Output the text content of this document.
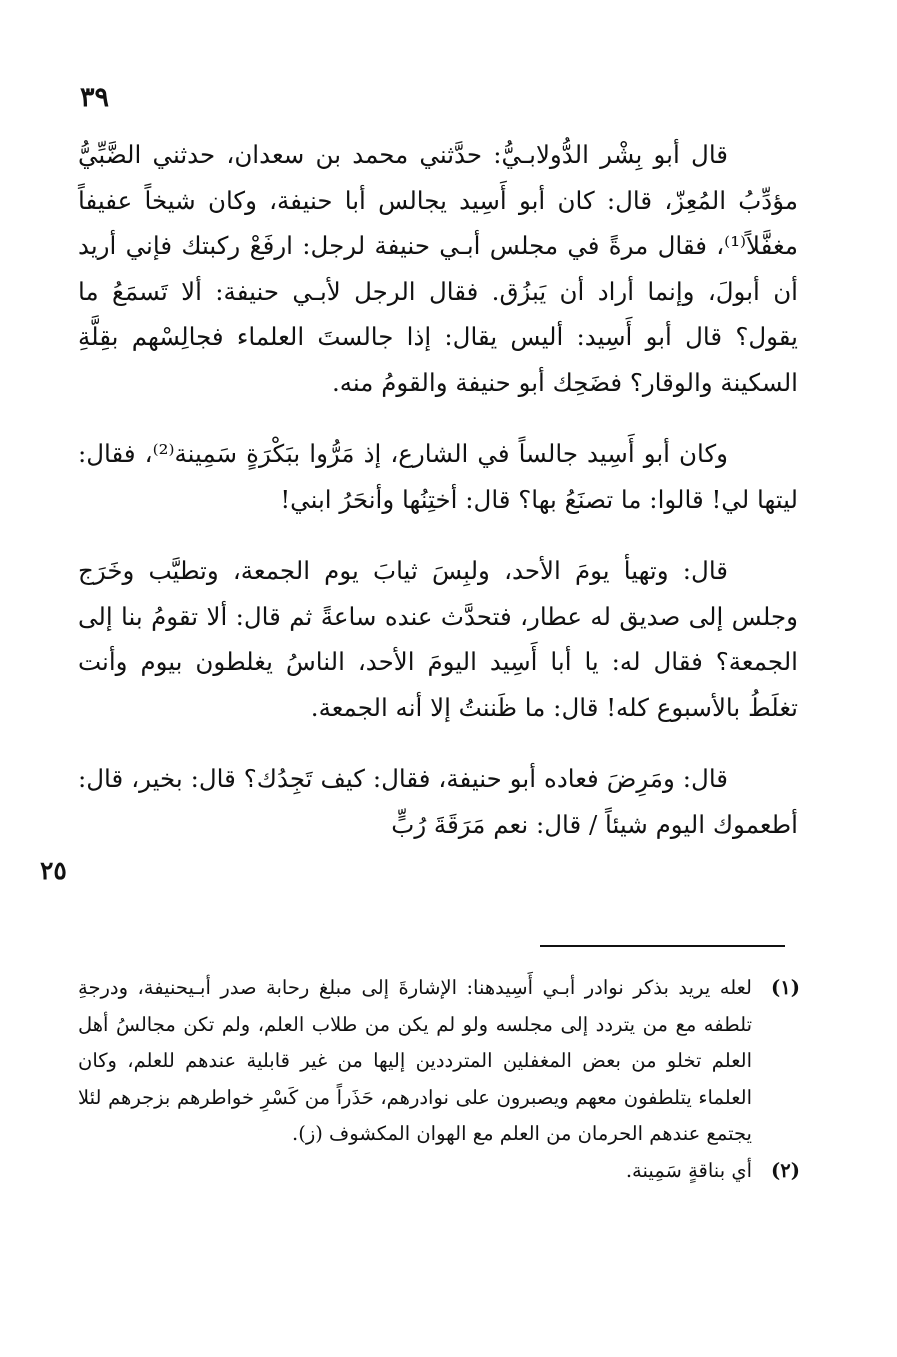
٣٩

قال أبو بِشْر الدُّولابـيُّ: حدَّثني محمد بن سعدان، حدثني الضَّبِّيُّ مؤدِّبُ المُعِزّ، قال: كان أبو أَسِيد يجالس أبا حنيفة، وكان شيخاً عفيفاً مغفَّلاً⁽¹⁾، فقال مرةً في مجلس أبـي حنيفة لرجل: ارفَعْ ركبتك فإني أريد أن أبولَ، وإنما أراد أن يَبزُق. فقال الرجل لأبـي حنيفة: ألا تَسمَعُ ما يقول؟ قال أبو أَسِيد: أليس يقال: إذا جالستَ العلماء فجالِسْهم بقِلَّةِ السكينة والوقار؟ فضَحِك أبو حنيفة والقومُ منه.

وكان أبو أَسِيد جالساً في الشارع، إذ مَرُّوا ببَكْرَةٍ سَمِينة⁽²⁾، فقال: ليتها لي! قالوا: ما تصنَعُ بها؟ قال: أختِنُها وأنحَرُ ابني!

قال: وتهيأ يومَ الأحد، ولبِسَ ثيابَ يوم الجمعة، وتطيَّب وخَرَج وجلس إلى صديق له عطار، فتحدَّث عنده ساعةً ثم قال: ألا تقومُ بنا إلى الجمعة؟ فقال له: يا أبا أَسِيد اليومَ الأحد، الناسُ يغلطون بيوم وأنت تغلَطُ بالأسبوع كله! قال: ما ظَننتُ إلا أنه الجمعة.

قال: ومَرِضَ فعاده أبو حنيفة، فقال: كيف تَجِدُك؟ قال: بخير، قال: أطعموك اليوم شيئاً / قال: نعم مَرَقَةَ رُبٍّ

٢٥
(١)
لعله يريد بذكر نوادر أبـي أَسِيدهنا: الإشارةَ إلى مبلغ رحابة صدر أبـيحنيفة، ودرجةِ تلطفه مع من يتردد إلى مجلسه ولو لم يكن من طلاب العلم، ولم تكن مجالسُ أهل العلم تخلو من بعض المغفلين المترددين إليها من غير قابلية عندهم للعلم، وكان العلماء يتلطفون معهم ويصبرون على نوادرهم، حَذَراً من كَسْرِ خواطرهم بزجرهم لئلا يجتمع عندهم الحرمان من العلم مع الهوان المكشوف (ز).
(٢)
أي بناقةٍ سَمِينة.
